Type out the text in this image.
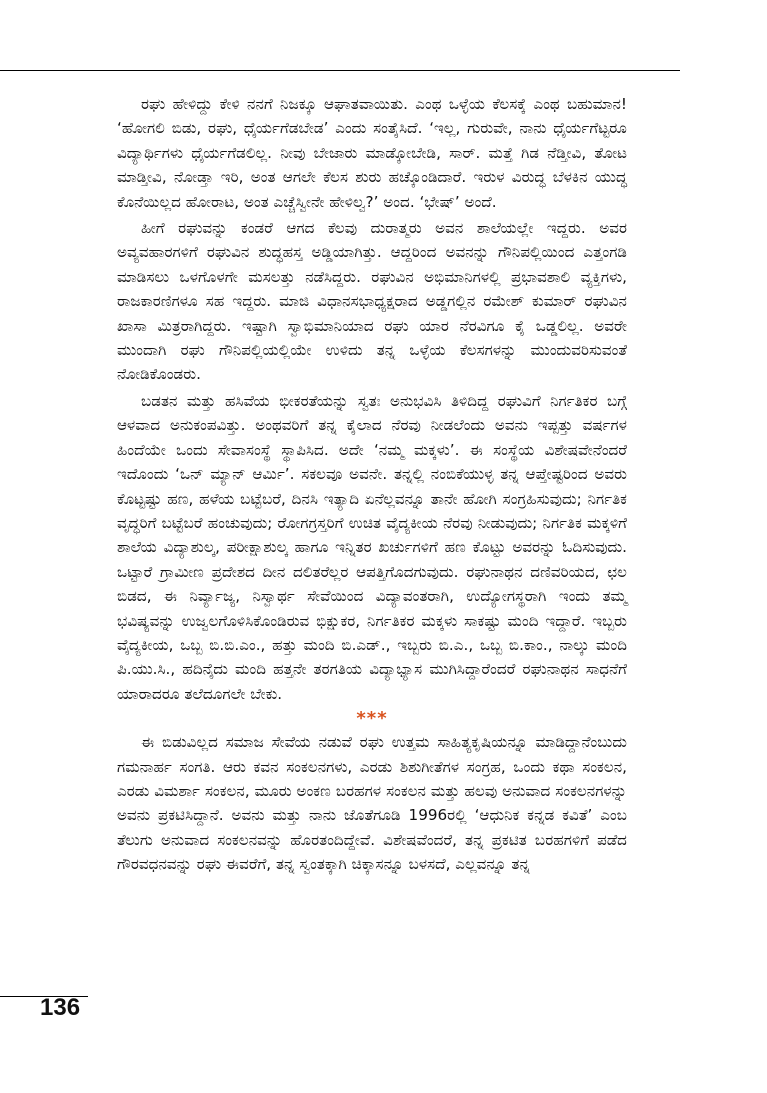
ರಘು ಹೇಳಿದ್ದು ಕೇಳಿ ನನಗೆ ನಿಜಕ್ಕೂ ಆಘಾತವಾಯಿತು. ಎಂಥ ಒಳ್ಳೆಯ ಕೆಲಸಕ್ಕೆ ಎಂಥ ಬಹುಮಾನ! ‘ಹೋಗಲಿ ಬಿಡು, ರಘು, ಧೈರ್ಯಗೆಡಬೇಡ’ ಎಂದು ಸಂತೈಸಿದೆ. ‘ಇಲ್ಲ, ಗುರುವೇ, ನಾನು ಧೈರ್ಯಗೆಟ್ಟರೂ ವಿದ್ಯಾರ್ಥಿಗಳು ಧೈರ್ಯಗೆಡಲಿಲ್ಲ. ನೀವು ಬೇಜಾರು ಮಾಡ್ಕೋಬೇಡಿ, ಸಾರ್. ಮತ್ತೆ ಗಿಡ ನೆಡ್ತೀವಿ, ತೋಟ ಮಾಡ್ತೀವಿ, ನೋಡ್ತಾ ಇರಿ, ಅಂತ ಆಗಲೇ ಕೆಲಸ ಶುರು ಹಚ್ಕೊಂಡಿದಾರೆ. ಇರುಳ ವಿರುದ್ಧ ಬೆಳಕಿನ ಯುದ್ಧ ಕೊನೆಯಿಲ್ಲದ ಹೋರಾಟ, ಅಂತ ಎಚ್ಚೆಸ್ವೀನೇ ಹೇಳಿಲ್ವ?’ ಅಂದ. ‘ಭೇಷ್’ ಅಂದೆ.

ಹೀಗೆ ರಘುವನ್ನು ಕಂಡರೆ ಆಗದ ಕೆಲವು ದುರಾತ್ಮರು ಅವನ ಶಾಲೆಯಲ್ಲೇ ಇದ್ದರು. ಅವರ ಅವ್ಯವಹಾರಗಳಿಗೆ ರಘುವಿನ ಶುದ್ಧಹಸ್ತ ಅಡ್ಡಿಯಾಗಿತ್ತು. ಆದ್ದರಿಂದ ಅವನನ್ನು ಗೌನಿಪಲ್ಲಿಯಿಂದ ಎತ್ತಂಗಡಿ ಮಾಡಿಸಲು ಒಳಗೊಳಗೇ ಮಸಲತ್ತು ನಡೆಸಿದ್ದರು. ರಘುವಿನ ಅಭಿಮಾನಿಗಳಲ್ಲಿ ಪ್ರಭಾವಶಾಲಿ ವ್ಯಕ್ತಿಗಳು, ರಾಜಕಾರಣಿಗಳೂ ಸಹ ಇದ್ದರು. ಮಾಜಿ ವಿಧಾನಸಭಾಧ್ಯಕ್ಷರಾದ ಅಡ್ಡಗಲ್ಲಿನ ರಮೇಶ್ ಕುಮಾರ್ ರಘುವಿನ ಖಾಸಾ ಮಿತ್ರರಾಗಿದ್ದರು. ಇಷ್ಟಾಗಿ ಸ್ವಾಭಿಮಾನಿಯಾದ ರಘು ಯಾರ ನೆರವಿಗೂ ಕೈ ಒಡ್ಡಲಿಲ್ಲ. ಅವರೇ ಮುಂದಾಗಿ ರಘು ಗೌನಿಪಲ್ಲಿಯಲ್ಲಿಯೇ ಉಳಿದು ತನ್ನ ಒಳ್ಳೆಯ ಕೆಲಸಗಳನ್ನು ಮುಂದುವರಿಸುವಂತೆ ನೋಡಿಕೊಂಡರು.

ಬಡತನ ಮತ್ತು ಹಸಿವೆಯ ಭೀಕರತೆಯನ್ನು ಸ್ವತಃ ಅನುಭವಿಸಿ ತಿಳಿದಿದ್ದ ರಘುವಿಗೆ ನಿರ್ಗತಿಕರ ಬಗ್ಗೆ ಆಳವಾದ ಅನುಕಂಪವಿತ್ತು. ಅಂಥವರಿಗೆ ತನ್ನ ಕೈಲಾದ ನೆರವು ನೀಡಲೆಂದು ಅವನು ಇಪ್ಪತ್ತು ವರ್ಷಗಳ ಹಿಂದೆಯೇ ಒಂದು ಸೇವಾಸಂಸ್ಥೆ ಸ್ಥಾಪಿಸಿದ. ಅದೇ ‘ನಮ್ಮ ಮಕ್ಕಳು’. ಈ ಸಂಸ್ಥೆಯ ವಿಶೇಷವೇನೆಂದರೆ ಇದೊಂದು ‘ಒನ್ ಮ್ಯಾನ್ ಆರ್ಮಿ’. ಸಕಲವೂ ಅವನೇ. ತನ್ನಲ್ಲಿ ನಂಬಿಕೆಯುಳ್ಳ ತನ್ನ ಆಪ್ತೇಷ್ಟರಿಂದ ಅವರು ಕೊಟ್ಟಷ್ಟು ಹಣ, ಹಳೆಯ ಬಟ್ಟೆಬರೆ, ದಿನಸಿ ಇತ್ಯಾದಿ ಏನೆಲ್ಲವನ್ನೂ ತಾನೇ ಹೋಗಿ ಸಂಗ್ರಹಿಸುವುದು; ನಿರ್ಗತಿಕ ವೃದ್ಧರಿಗೆ ಬಟ್ಟೆಬರೆ ಹಂಚುವುದು; ರೋಗಗ್ರಸ್ತರಿಗೆ ಉಚಿತ ವೈದ್ಯಕೀಯ ನೆರವು ನೀಡುವುದು; ನಿರ್ಗತಿಕ ಮಕ್ಕಳಿಗೆ ಶಾಲೆಯ ವಿದ್ಯಾಶುಲ್ಕ, ಪರೀಕ್ಷಾಶುಲ್ಕ ಹಾಗೂ ಇನ್ನಿತರ ಖರ್ಚುಗಳಿಗೆ ಹಣ ಕೊಟ್ಟು ಅವರನ್ನು ಓದಿಸುವುದು. ಒಟ್ಟಾರೆ ಗ್ರಾಮೀಣ ಪ್ರದೇಶದ ದೀನ ದಲಿತರೆಲ್ಲರ ಆಪತ್ತಿಗೊದಗುವುದು. ರಘುನಾಥನ ದಣಿವರಿಯದ, ಛಲ ಬಿಡದ, ಈ ನಿರ್ವ್ಯಾಜ್ಯ, ನಿಸ್ವಾರ್ಥ ಸೇವೆಯಿಂದ ವಿದ್ಯಾವಂತರಾಗಿ, ಉದ್ಯೋಗಸ್ಥರಾಗಿ ಇಂದು ತಮ್ಮ ಭವಿಷ್ಯವನ್ನು ಉಜ್ವಲಗೊಳಿಸಿಕೊಂಡಿರುವ ಭಿಕ್ಷುಕರ, ನಿರ್ಗತಿಕರ ಮಕ್ಕಳು ಸಾಕಷ್ಟು ಮಂದಿ ಇದ್ದಾರೆ. ಇಬ್ಬರು ವೈದ್ಯಕೀಯ, ಒಬ್ಬ ಬಿ.ಬಿ.ಎಂ., ಹತ್ತು ಮಂದಿ ಬಿ.ಎಡ್., ಇಬ್ಬರು ಬಿ.ಎ., ಒಬ್ಬ ಬಿ.ಕಾಂ., ನಾಲ್ಕು ಮಂದಿ ಪಿ.ಯು.ಸಿ., ಹದಿನೈದು ಮಂದಿ ಹತ್ತನೇ ತರಗತಿಯ ವಿದ್ಯಾಭ್ಯಾಸ ಮುಗಿಸಿದ್ದಾರೆಂದರೆ ರಘುನಾಥನ ಸಾಧನೆಗೆ ಯಾರಾದರೂ ತಲೆದೂಗಲೇ ಬೇಕು.

***

ಈ ಬಿಡುವಿಲ್ಲದ ಸಮಾಜ ಸೇವೆಯ ನಡುವೆ ರಘು ಉತ್ತಮ ಸಾಹಿತ್ಯಕೃಷಿಯನ್ನೂ ಮಾಡಿದ್ದಾನೆಂಬುದು ಗಮನಾರ್ಹ ಸಂಗತಿ. ಆರು ಕವನ ಸಂಕಲನಗಳು, ಎರಡು ಶಿಶುಗೀತೆಗಳ ಸಂಗ್ರಹ, ಒಂದು ಕಥಾ ಸಂಕಲನ, ಎರಡು ವಿಮರ್ಶಾ ಸಂಕಲನ, ಮೂರು ಅಂಕಣ ಬರಹಗಳ ಸಂಕಲನ ಮತ್ತು ಹಲವು ಅನುವಾದ ಸಂಕಲನಗಳನ್ನು ಅವನು ಪ್ರಕಟಿಸಿದ್ದಾನೆ. ಅವನು ಮತ್ತು ನಾನು ಜೊತೆಗೂಡಿ 1996ರಲ್ಲಿ ‘ಆಧುನಿಕ ಕನ್ನಡ ಕವಿತೆ’ ಎಂಬ ತೆಲುಗು ಅನುವಾದ ಸಂಕಲನವನ್ನು ಹೊರತಂದಿದ್ದೇವೆ. ವಿಶೇಷವೆಂದರೆ, ತನ್ನ ಪ್ರಕಟಿತ ಬರಹಗಳಿಗೆ ಪಡೆದ ಗೌರವಧನವನ್ನು ರಘು ಈವರೆಗೆ, ತನ್ನ ಸ್ವಂತಕ್ಕಾಗಿ ಚಿಕ್ಕಾಸನ್ನೂ ಬಳಸದೆ, ಎಲ್ಲವನ್ನೂ ತನ್ನ

136
